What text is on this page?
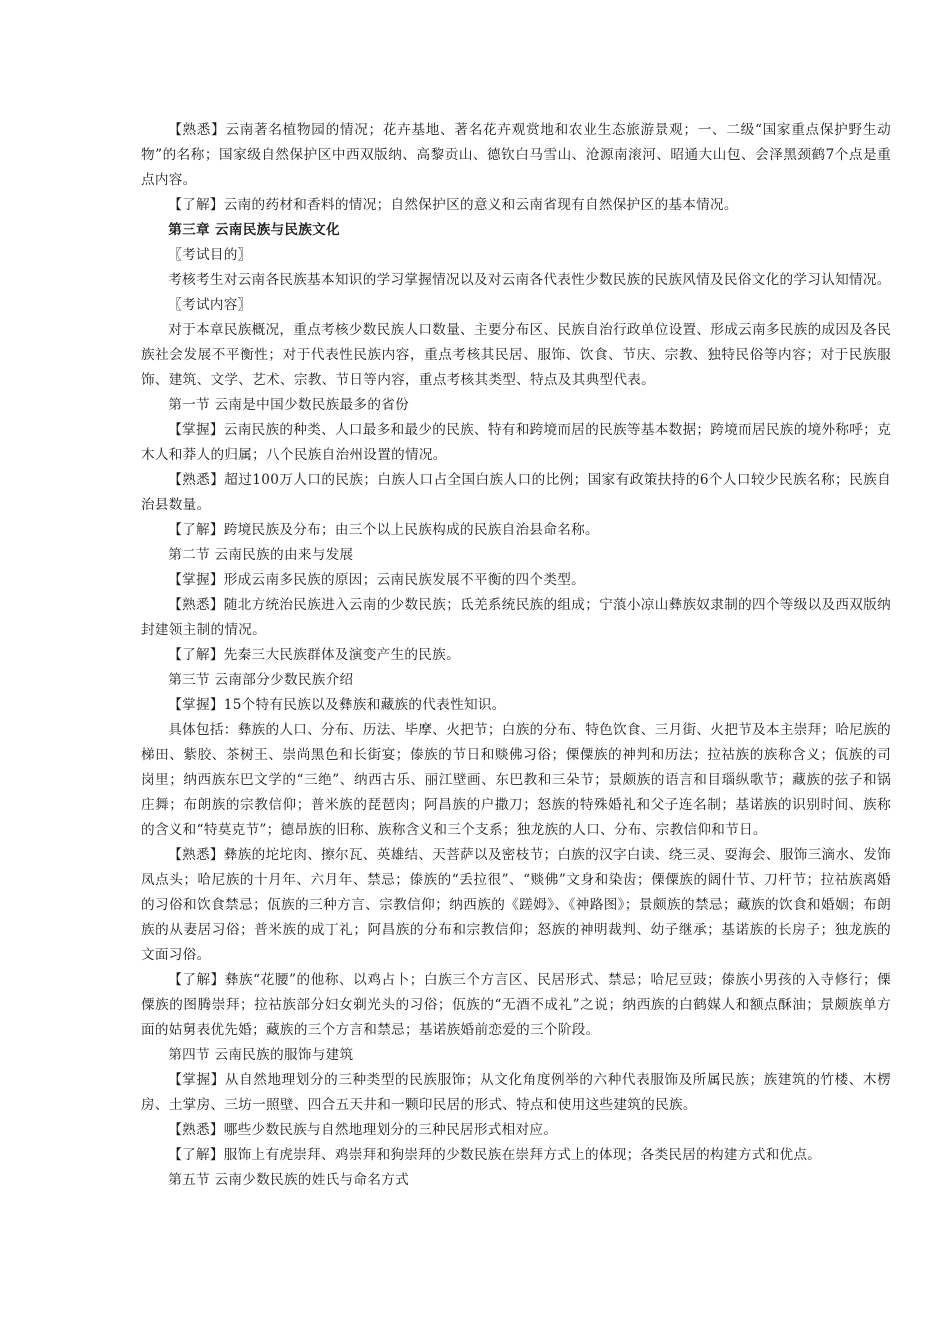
【熟悉】云南著名植物园的情况；花卉基地、著名花卉观赏地和农业生态旅游景观；一、二级“国家重点保护野生动物”的名称；国家级自然保护区中西双版纳、高黎贡山、德钦白马雪山、沧源南滚河、昭通大山包、会泽黑颈鹤7个点是重点内容。

【了解】云南的药材和香料的情况；自然保护区的意义和云南省现有自然保护区的基本情况。

第三章 云南民族与民族文化

〖考试目的〗

考核考生对云南各民族基本知识的学习掌握情况以及对云南各代表性少数民族的民族风情及民俗文化的学习认知情况。

〖考试内容〗

对于本章民族概况，重点考核少数民族人口数量、主要分布区、民族自治行政单位设置、形成云南多民族的成因及各民族社会发展不平衡性；对于代表性民族内容，重点考核其民居、服饰、饮食、节庆、宗教、独特民俗等内容；对于民族服饰、建筑、文学、艺术、宗教、节日等内容，重点考核其类型、特点及其典型代表。

第一节 云南是中国少数民族最多的省份

【掌握】云南民族的种类、人口最多和最少的民族、特有和跨境而居的民族等基本数据；跨境而居民族的境外称呼；克木人和莽人的归属；八个民族自治州设置的情况。

【熟悉】超过100万人口的民族；白族人口占全国白族人口的比例；国家有政策扶持的6个人口较少民族名称；民族自治县数量。

【了解】跨境民族及分布；由三个以上民族构成的民族自治县命名称。

第二节 云南民族的由来与发展

【掌握】形成云南多民族的原因；云南民族发展不平衡的四个类型。

【熟悉】随北方统治民族进入云南的少数民族；氐羌系统民族的组成；宁蒗小凉山彝族奴隶制的四个等级以及西双版纳封建领主制的情况。

【了解】先秦三大民族群体及演变产生的民族。

第三节 云南部分少数民族介绍

【掌握】15个特有民族以及彝族和藏族的代表性知识。

具体包括：彝族的人口、分布、历法、毕摩、火把节；白族的分布、特色饮食、三月街、火把节及本主崇拜；哈尼族的梯田、紫胶、茶树王、崇尚黑色和长街宴；傣族的节日和赕佛习俗；傈僳族的神判和历法；拉祜族的族称含义；佤族的司岗里；纳西族东巴文学的“三绝”、纳西古乐、丽江壁画、东巴教和三朵节；景颇族的语言和目瑙纵歌节；藏族的弦子和锅庄舞；布朗族的宗教信仰；普米族的琵琶肉；阿昌族的户撒刀；怒族的特殊婚礼和父子连名制；基诺族的识别时间、族称的含义和“特莫克节”；德昂族的旧称、族称含义和三个支系；独龙族的人口、分布、宗教信仰和节日。

【熟悉】彝族的坨坨肉、擦尔瓦、英雄结、天菩萨以及密枝节；白族的汉字白读、绕三灵、耍海会、服饰三滴水、发饰凤点头；哈尼族的十月年、六月年、禁忌；傣族的“丢拉很”、“赕佛”文身和染齿；傈僳族的阔什节、刀杆节；拉祜族离婚的习俗和饮食禁忌；佤族的三种方言、宗教信仰；纳西族的《蹉姆》、《神路图》；景颇族的禁忌；藏族的饮食和婚姻；布朗族的从妻居习俗；普米族的成丁礼；阿昌族的分布和宗教信仰；怒族的神明裁判、幼子继承；基诺族的长房子；独龙族的文面习俗。

【了解】彝族“花腰”的他称、以鸡占卜；白族三个方言区、民居形式、禁忌；哈尼豆豉；傣族小男孩的入寺修行；傈僳族的图腾崇拜；拉祜族部分妇女剃光头的习俗；佤族的“无酒不成礼”之说；纳西族的白鹤媒人和额点酥油；景颇族单方面的姑舅表优先婚；藏族的三个方言和禁忌；基诺族婚前恋爱的三个阶段。

第四节 云南民族的服饰与建筑

【掌握】从自然地理划分的三种类型的民族服饰；从文化角度例举的六种代表服饰及所属民族；族建筑的竹楼、木楞房、土掌房、三坊一照壁、四合五天井和一颗印民居的形式、特点和使用这些建筑的民族。

【熟悉】哪些少数民族与自然地理划分的三种民居形式相对应。

【了解】服饰上有虎崇拜、鸡崇拜和狗崇拜的少数民族在崇拜方式上的体现；各类民居的构建方式和优点。

第五节 云南少数民族的姓氏与命名方式
